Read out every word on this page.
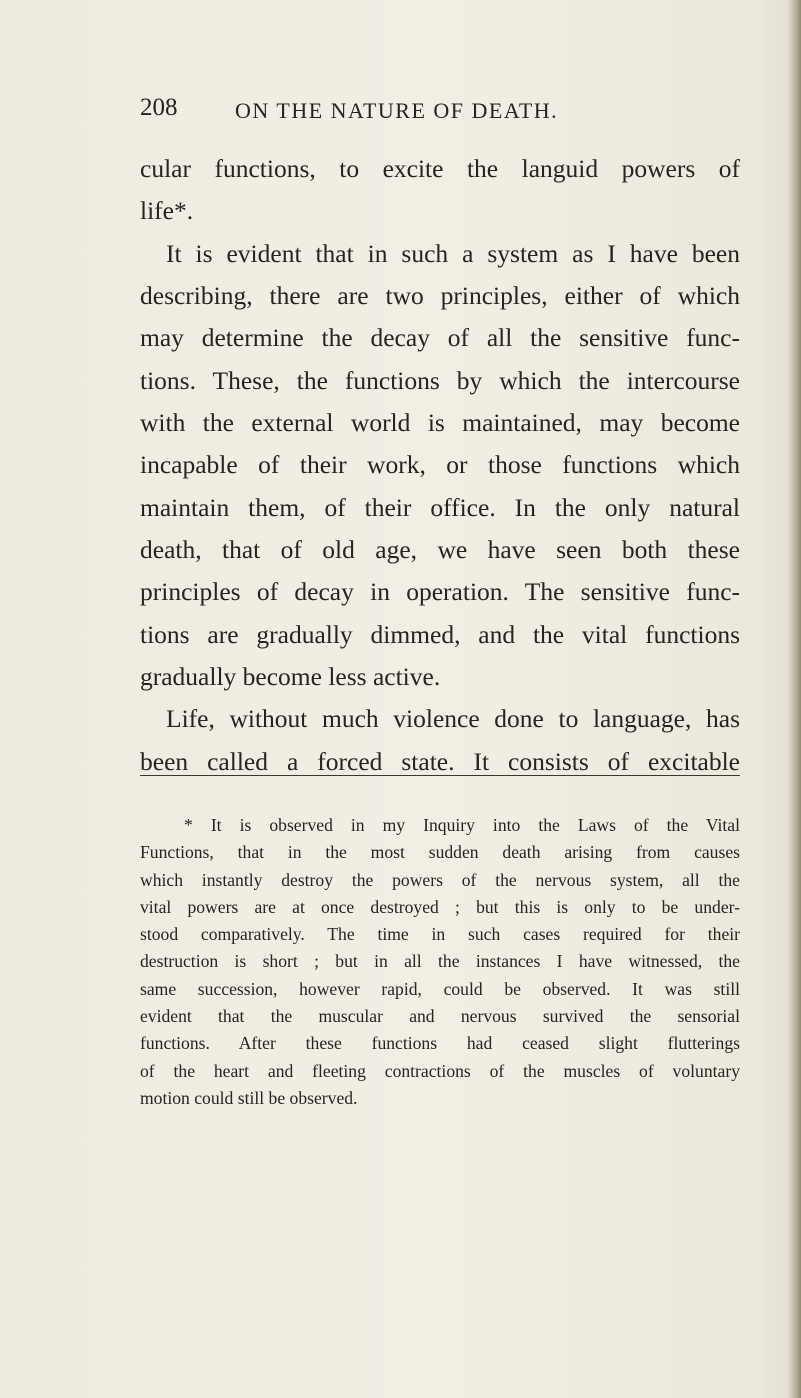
208	ON THE NATURE OF DEATH.
cular functions, to excite the languid powers of
life*.
It is evident that in such a system as I have been
describing, there are two principles, either of which
may determine the decay of all the sensitive func-
tions. These, the functions by which the intercourse
with the external world is maintained, may become
incapable of their work, or those functions which
maintain them, of their office. In the only natural
death, that of old age, we have seen both these
principles of decay in operation. The sensitive func-
tions are gradually dimmed, and the vital functions
gradually become less active.
Life, without much violence done to language, has
been called a forced state. It consists of excitable
* It is observed in my Inquiry into the Laws of the Vital
Functions, that in the most sudden death arising from causes
which instantly destroy the powers of the nervous system, all the
vital powers are at once destroyed ; but this is only to be under-
stood comparatively. The time in such cases required for their
destruction is short ; but in all the instances I have witnessed, the
same succession, however rapid, could be observed. It was still
evident that the muscular and nervous survived the sensorial
functions. After these functions had ceased slight flutterings
of the heart and fleeting contractions of the muscles of voluntary
motion could still be observed.
